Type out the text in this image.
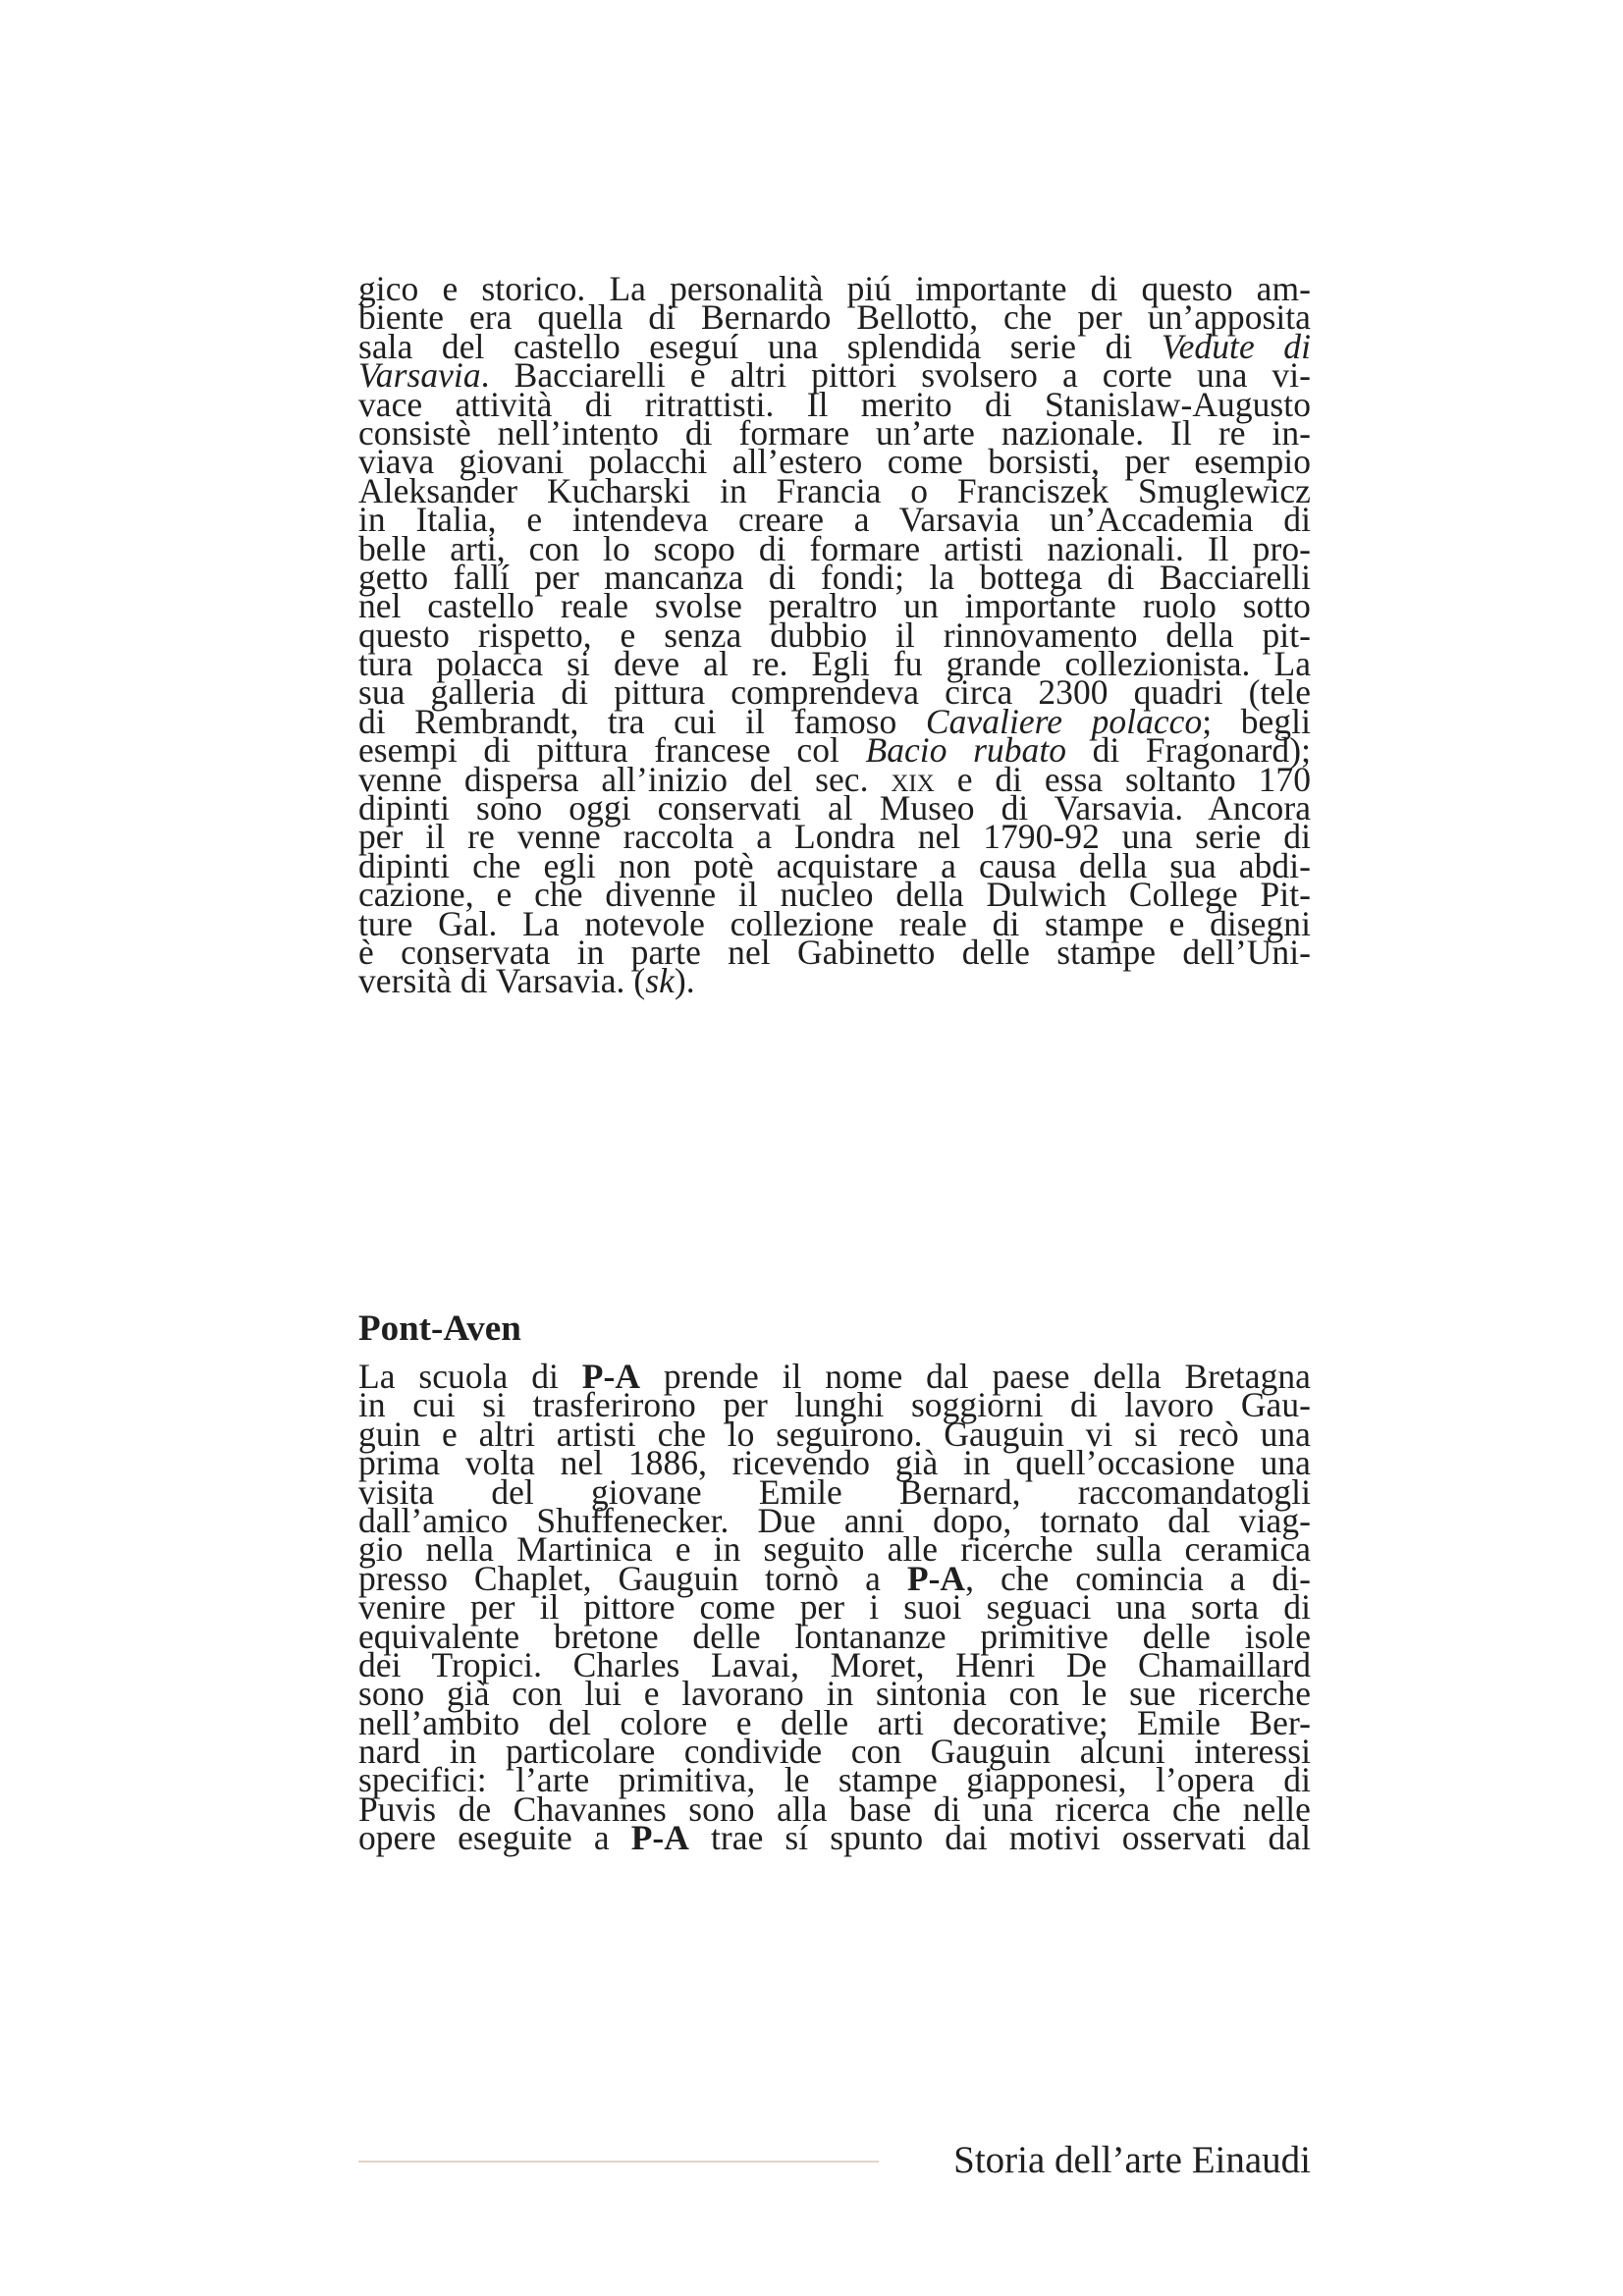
gico e storico. La personalità piú importante di questo am-
biente era quella di Bernardo Bellotto, che per un’apposita
sala del castello eseguí una splendida serie di Vedute di
Varsavia. Bacciarelli e altri pittori svolsero a corte una vi-
vace attività di ritrattisti. Il merito di Stanislaw-Augusto
consistè nell’intento di formare un’arte nazionale. Il re in-
viava giovani polacchi all’estero come borsisti, per esempio
Aleksander Kucharski in Francia o Franciszek Smuglewicz
in Italia, e intendeva creare a Varsavia un’Accademia di
belle arti, con lo scopo di formare artisti nazionali. Il pro-
getto fallí per mancanza di fondi; la bottega di Bacciarelli
nel castello reale svolse peraltro un importante ruolo sotto
questo rispetto, e senza dubbio il rinnovamento della pit-
tura polacca si deve al re. Egli fu grande collezionista. La
sua galleria di pittura comprendeva circa 2300 quadri (tele
di Rembrandt, tra cui il famoso Cavaliere polacco; begli
esempi di pittura francese col Bacio rubato di Fragonard);
venne dispersa all’inizio del sec. xix e di essa soltanto 170
dipinti sono oggi conservati al Museo di Varsavia. Ancora
per il re venne raccolta a Londra nel 1790-92 una serie di
dipinti che egli non potè acquistare a causa della sua abdi-
cazione, e che divenne il nucleo della Dulwich College Pit-
ture Gal. La notevole collezione reale di stampe e disegni
è conservata in parte nel Gabinetto delle stampe dell’Uni-
versità di Varsavia. (sk).
Pont-Aven
La scuola di P-A prende il nome dal paese della Bretagna
in cui si trasferirono per lunghi soggiorni di lavoro Gau-
guin e altri artisti che lo seguirono. Gauguin vi si recò una
prima volta nel 1886, ricevendo già in quell’occasione una
visita del giovane Emile Bernard, raccomandatogli
dall’amico Shuffenecker. Due anni dopo, tornato dal viag-
gio nella Martinica e in seguito alle ricerche sulla ceramica
presso Chaplet, Gauguin tornò a P-A, che comincia a di-
venire per il pittore come per i suoi seguaci una sorta di
equivalente bretone delle lontananze primitive delle isole
dei Tropici. Charles Lavai, Moret, Henri De Chamaillard
sono già con lui e lavorano in sintonia con le sue ricerche
nell’ambito del colore e delle arti decorative; Emile Ber-
nard in particolare condivide con Gauguin alcuni interessi
specifici: l’arte primitiva, le stampe giapponesi, l’opera di
Puvis de Chavannes sono alla base di una ricerca che nelle
opere eseguite a P-A trae sí spunto dai motivi osservati dal
Storia dell’arte Einaudi
